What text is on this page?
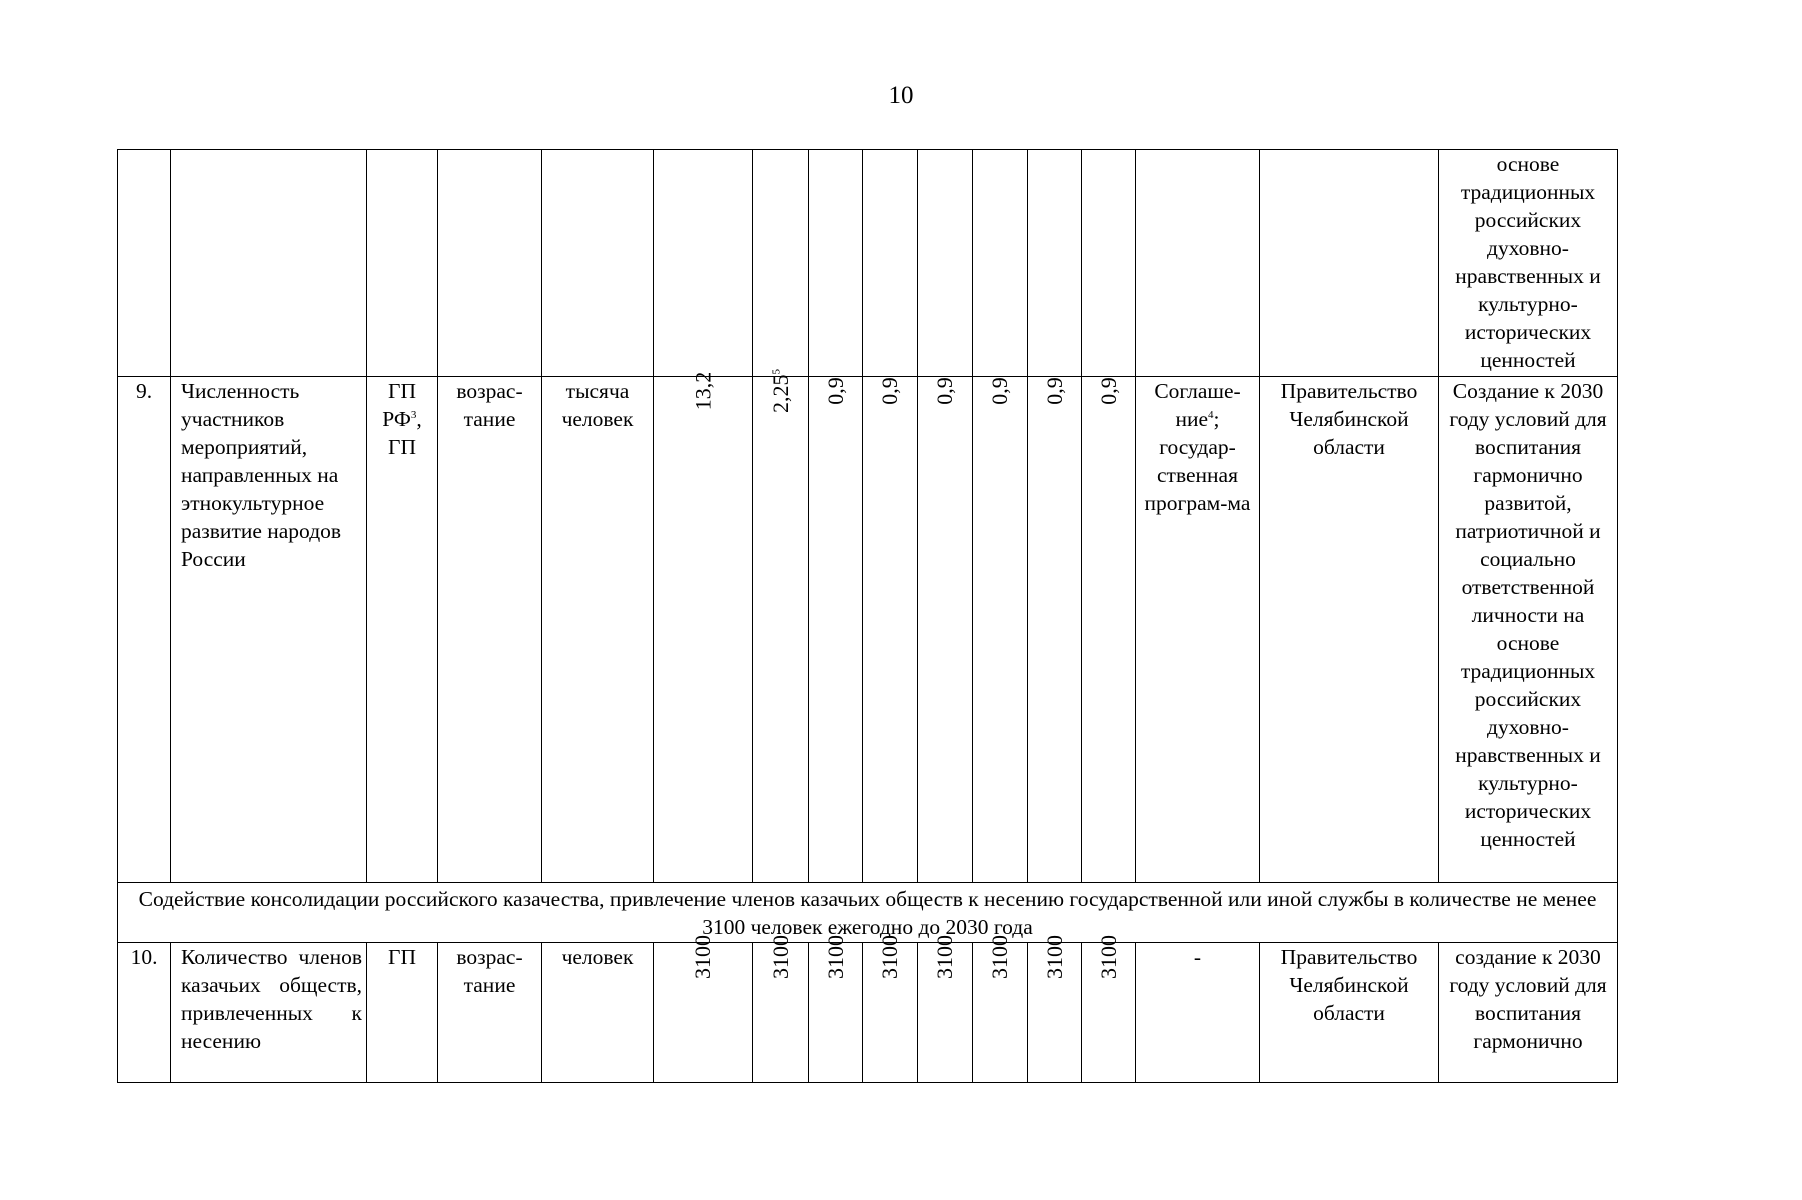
10
															основе традиционных российских духовно-нравственных и культурно-исторических ценностей
9.	Численность участников мероприятий, направленных на этнокультурное развитие народов России	ГП $РФ^3$, ГП	возрас-тание	тысяча человек	13,2	2,25$^5$	0,9	0,9	0,9	0,9	0,9	0,9	Соглаше-ние$^4$; государ-ственная програм-ма	Правительство Челябинской области	Создание к 2030 году условий для воспитания гармонично развитой, патриотичной и социально ответственной личности на основе традиционных российских духовно-нравственных и культурно-исторических ценностей
Содействие консолидации российского казачества, привлечение членов казачьих обществ к несению государственной или иной службы в количестве не менее 3100 человек ежегодно до 2030 года															
10.	Количество членов казачьих обществ, привлеченных к несению	ГП	возрас-тание	человек	3100	3100	3100	3100	3100	3100	3100	3100	-	Правительство Челябинской области	создание к 2030 году условий для воспитания гармонично
